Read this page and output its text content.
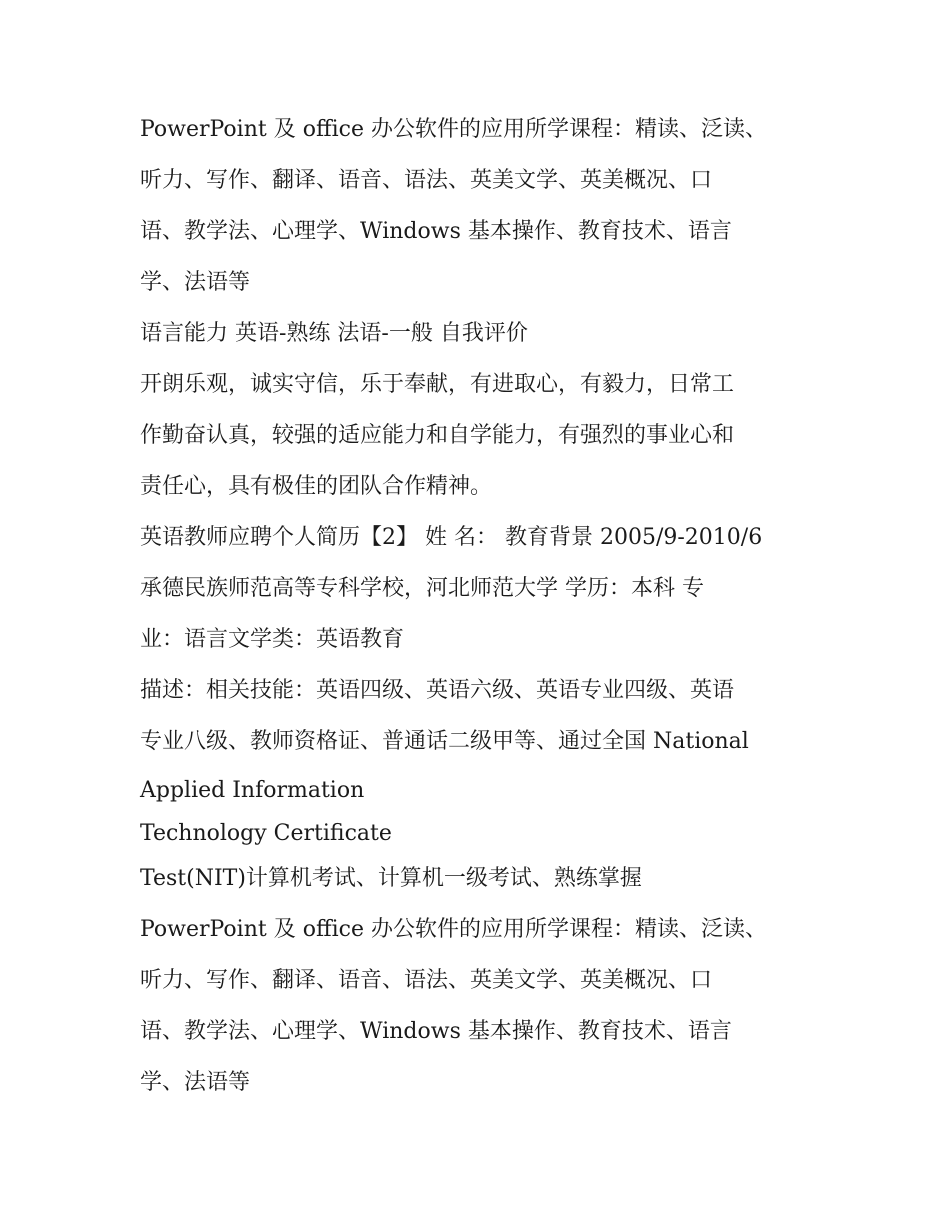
PowerPoint 及 office 办公软件的应用所学课程：精读、泛读、
听力、写作、翻译、语音、语法、英美文学、英美概况、口
语、教学法、心理学、Windows 基本操作、教育技术、语言
学、法语等
语言能力 英语-熟练 法语-一般 自我评价
开朗乐观，诚实守信，乐于奉献，有进取心，有毅力，日常工
作勤奋认真，较强的适应能力和自学能力，有强烈的事业心和
责任心，具有极佳的团队合作精神。
英语教师应聘个人简历【2】 姓 名： 教育背景 2005/9-2010/6
承德民族师范高等专科学校，河北师范大学 学历：本科 专
业：语言文学类：英语教育
描述：相关技能：英语四级、英语六级、英语专业四级、英语
专业八级、教师资格证、普通话二级甲等、通过全国 National
Applied Information
Technology Certificate
Test(NIT)计算机考试、计算机一级考试、熟练掌握
PowerPoint 及 office 办公软件的应用所学课程：精读、泛读、
听力、写作、翻译、语音、语法、英美文学、英美概况、口
语、教学法、心理学、Windows 基本操作、教育技术、语言
学、法语等
